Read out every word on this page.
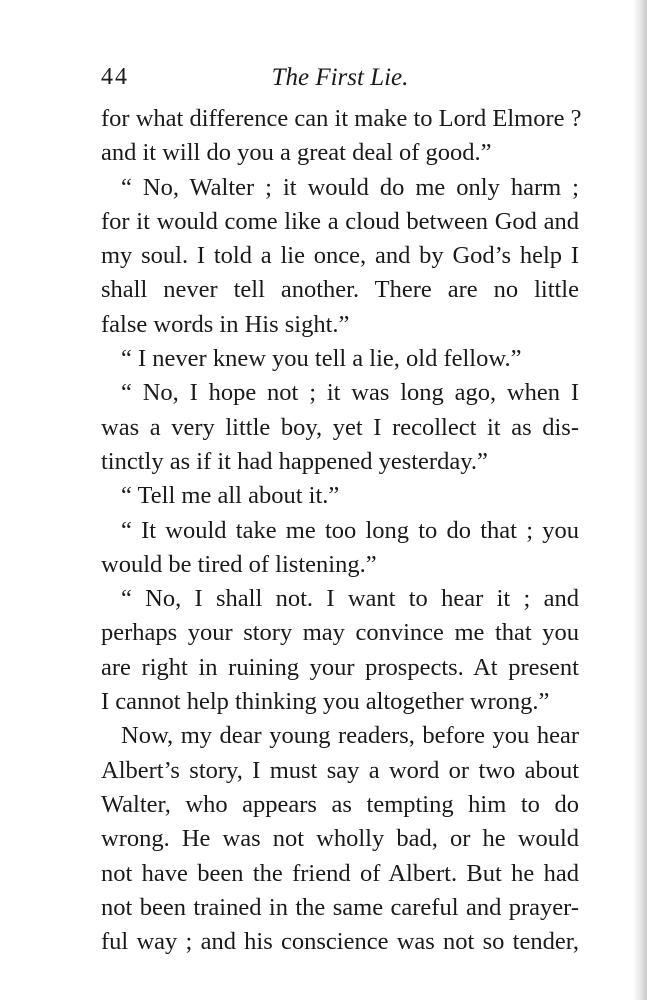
44	The First Lie.
for what difference can it make to Lord Elmore ?
and it will do you a great deal of good.”
“ No, Walter ; it would do me only harm ;
for it would come like a cloud between God and
my soul. I told a lie once, and by God’s help I
shall never tell another. There are no little
false words in His sight.”
“ I never knew you tell a lie, old fellow.”
“ No, I hope not ; it was long ago, when I
was a very little boy, yet I recollect it as dis-
tinctly as if it had happened yesterday.”
“ Tell me all about it.”
“ It would take me too long to do that ; you
would be tired of listening.”
“ No, I shall not. I want to hear it ; and
perhaps your story may convince me that you
are right in ruining your prospects. At present
I cannot help thinking you altogether wrong.”
Now, my dear young readers, before you hear
Albert’s story, I must say a word or two about
Walter, who appears as tempting him to do
wrong. He was not wholly bad, or he would
not have been the friend of Albert. But he had
not been trained in the same careful and prayer-
ful way ; and his conscience was not so tender,
